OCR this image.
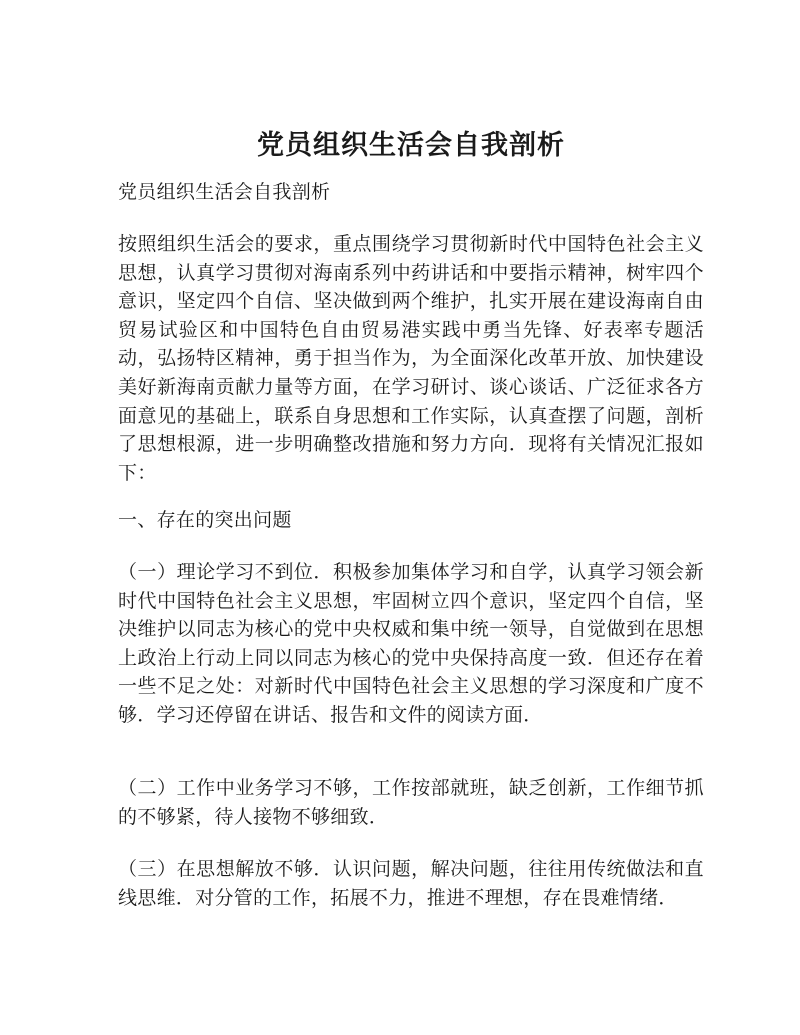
党员组织生活会自我剖析

党员组织生活会自我剖析

按照组织生活会的要求，重点围绕学习贯彻新时代中国特色社会主义思想，认真学习贯彻对海南系列中药讲话和中要指示精神，树牢四个意识，坚定四个自信、坚决做到两个维护，扎实开展在建设海南自由贸易试验区和中国特色自由贸易港实践中勇当先锋、好表率专题活动，弘扬特区精神，勇于担当作为，为全面深化改革开放、加快建设美好新海南贡献力量等方面，在学习研讨、谈心谈话、广泛征求各方面意见的基础上，联系自身思想和工作实际，认真查摆了问题，剖析了思想根源，进一步明确整改措施和努力方向．现将有关情况汇报如下：

一、存在的突出问题

（一）理论学习不到位．积极参加集体学习和自学，认真学习领会新时代中国特色社会主义思想，牢固树立四个意识，坚定四个自信，坚决维护以同志为核心的党中央权威和集中统一领导，自觉做到在思想上政治上行动上同以同志为核心的党中央保持高度一致．但还存在着一些不足之处：对新时代中国特色社会主义思想的学习深度和广度不够．学习还停留在讲话、报告和文件的阅读方面．

（二）工作中业务学习不够，工作按部就班，缺乏创新，工作细节抓的不够紧，待人接物不够细致．

（三）在思想解放不够．认识问题，解决问题，往往用传统做法和直线思维．对分管的工作，拓展不力，推进不理想，存在畏难情绪．
